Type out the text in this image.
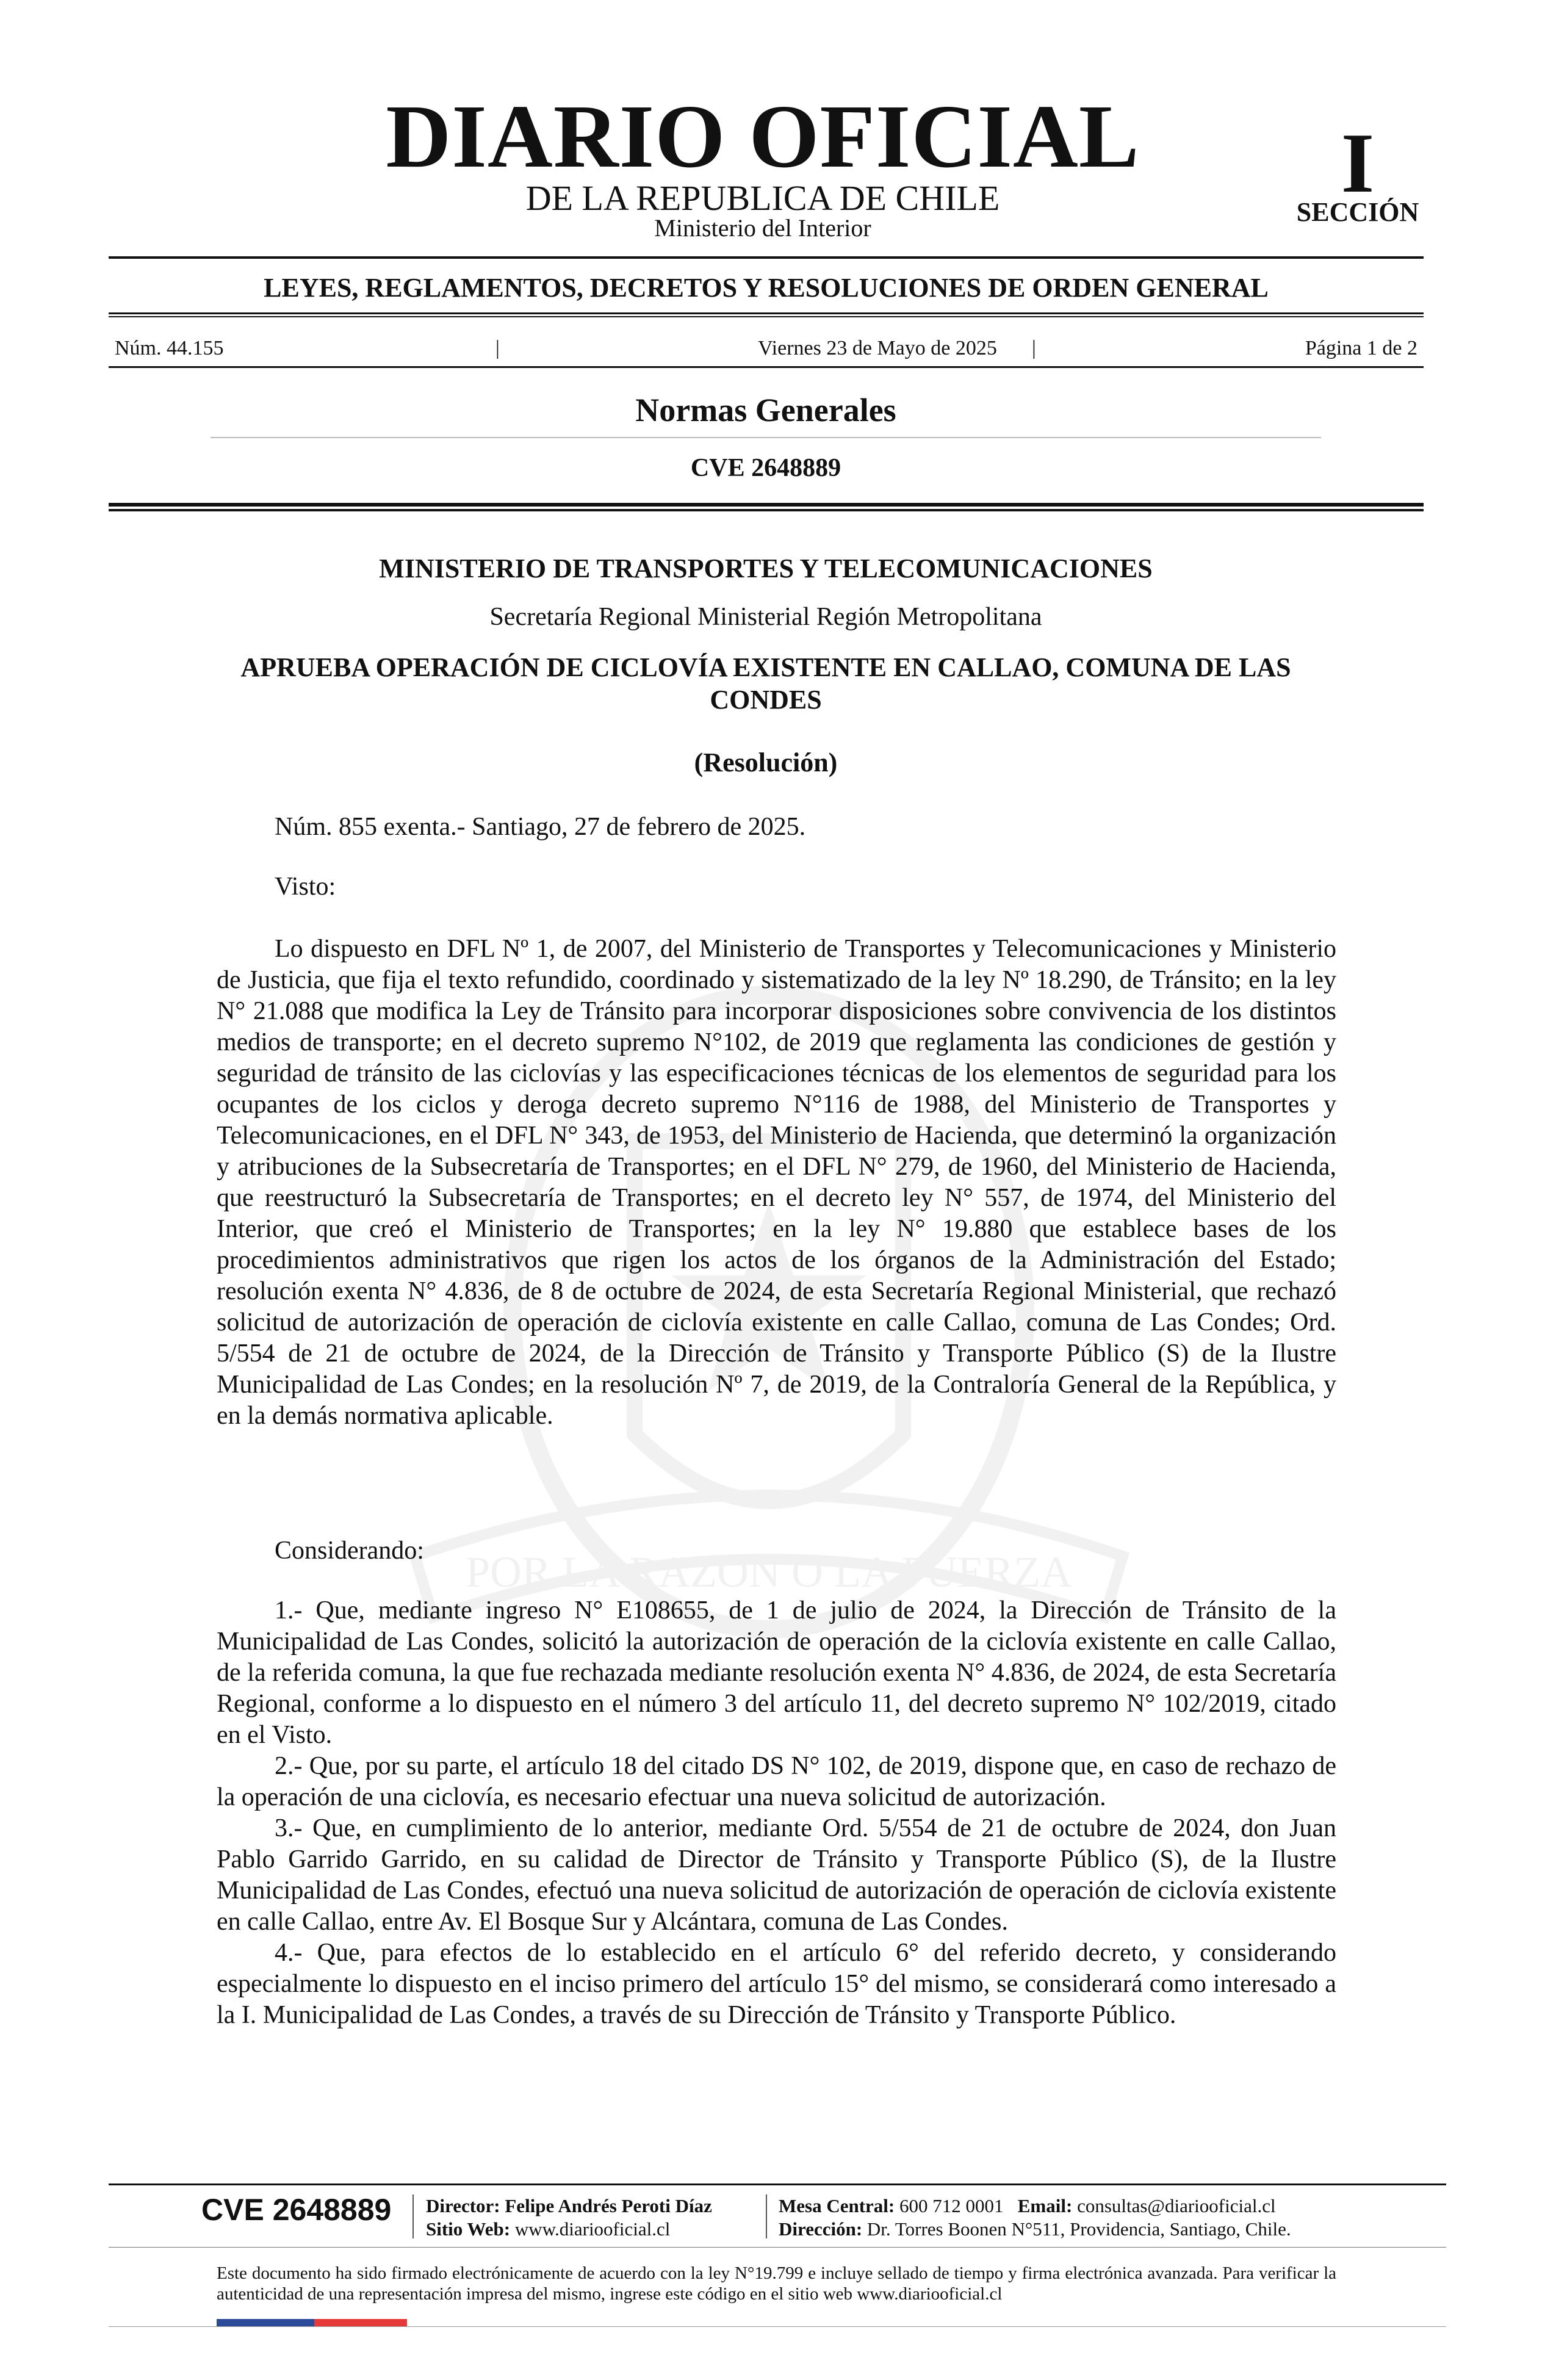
POR LA RAZON O LA FUERZA
DIARIO OFICIAL
DE LA REPUBLICA DE CHILE
Ministerio del Interior
I
SECCIÓN
LEYES, REGLAMENTOS, DECRETOS Y RESOLUCIONES DE ORDEN GENERAL
Núm. 44.155	|	Viernes 23 de Mayo de 2025	|	Página 1 de 2
Normas Generales
CVE 2648889
MINISTERIO DE TRANSPORTES Y TELECOMUNICACIONES
Secretaría Regional Ministerial Región Metropolitana
APRUEBA OPERACIÓN DE CICLOVÍA EXISTENTE EN CALLAO, COMUNA DE LAS CONDES
(Resolución)
Núm. 855 exenta.- Santiago, 27 de febrero de 2025.
Visto:

Lo dispuesto en DFL Nº 1, de 2007, del Ministerio de Transportes y Telecomunicaciones y Ministerio de Justicia, que fija el texto refundido, coordinado y sistematizado de la ley Nº 18.290, de Tránsito; en la ley N° 21.088 que modifica la Ley de Tránsito para incorporar disposiciones sobre convivencia de los distintos medios de transporte; en el decreto supremo N°102, de 2019 que reglamenta las condiciones de gestión y seguridad de tránsito de las ciclovías y las especificaciones técnicas de los elementos de seguridad para los ocupantes de los ciclos y deroga decreto supremo N°116 de 1988, del Ministerio de Transportes y Telecomunicaciones, en el DFL N° 343, de 1953, del Ministerio de Hacienda, que determinó la organización y atribuciones de la Subsecretaría de Transportes; en el DFL N° 279, de 1960, del Ministerio de Hacienda, que reestructuró la Subsecretaría de Transportes; en el decreto ley N° 557, de 1974, del Ministerio del Interior, que creó el Ministerio de Transportes; en la ley N° 19.880 que establece bases de los procedimientos administrativos que rigen los actos de los órganos de la Administración del Estado; resolución exenta N° 4.836, de 8 de octubre de 2024, de esta Secretaría Regional Ministerial, que rechazó solicitud de autorización de operación de ciclovía existente en calle Callao, comuna de Las Condes; Ord. 5/554 de 21 de octubre de 2024, de la Dirección de Tránsito y Transporte Público (S) de la Ilustre Municipalidad de Las Condes; en la resolución Nº 7, de 2019, de la Contraloría General de la República, y en la demás normativa aplicable.

Considerando:

1.- Que, mediante ingreso N° E108655, de 1 de julio de 2024, la Dirección de Tránsito de la Municipalidad de Las Condes, solicitó la autorización de operación de la ciclovía existente en calle Callao, de la referida comuna, la que fue rechazada mediante resolución exenta N° 4.836, de 2024, de esta Secretaría Regional, conforme a lo dispuesto en el número 3 del artículo 11, del decreto supremo N° 102/2019, citado en el Visto.

2.- Que, por su parte, el artículo 18 del citado DS N° 102, de 2019, dispone que, en caso de rechazo de la operación de una ciclovía, es necesario efectuar una nueva solicitud de autorización.

3.- Que, en cumplimiento de lo anterior, mediante Ord. 5/554 de 21 de octubre de 2024, don Juan Pablo Garrido Garrido, en su calidad de Director de Tránsito y Transporte Público (S), de la Ilustre Municipalidad de Las Condes, efectuó una nueva solicitud de autorización de operación de ciclovía existente en calle Callao, entre Av. El Bosque Sur y Alcántara, comuna de Las Condes.

4.- Que, para efectos de lo establecido en el artículo 6° del referido decreto, y considerando especialmente lo dispuesto en el inciso primero del artículo 15° del mismo, se considerará como interesado a la I. Municipalidad de Las Condes, a través de su Dirección de Tránsito y Transporte Público.

CVE 2648889 Director: Felipe Andrés Peroti Díaz
Sitio Web: www.diariooficial.cl
Mesa Central: 600 712 0001 Email: consultas@diariooficial.cl
Dirección: Dr. Torres Boonen N°511, Providencia, Santiago, Chile.
Este documento ha sido firmado electrónicamente de acuerdo con la ley N°19.799 e incluye sellado de tiempo y firma electrónica avanzada. Para verificar la autenticidad de una representación impresa del mismo, ingrese este código en el sitio web www.diariooficial.cl
